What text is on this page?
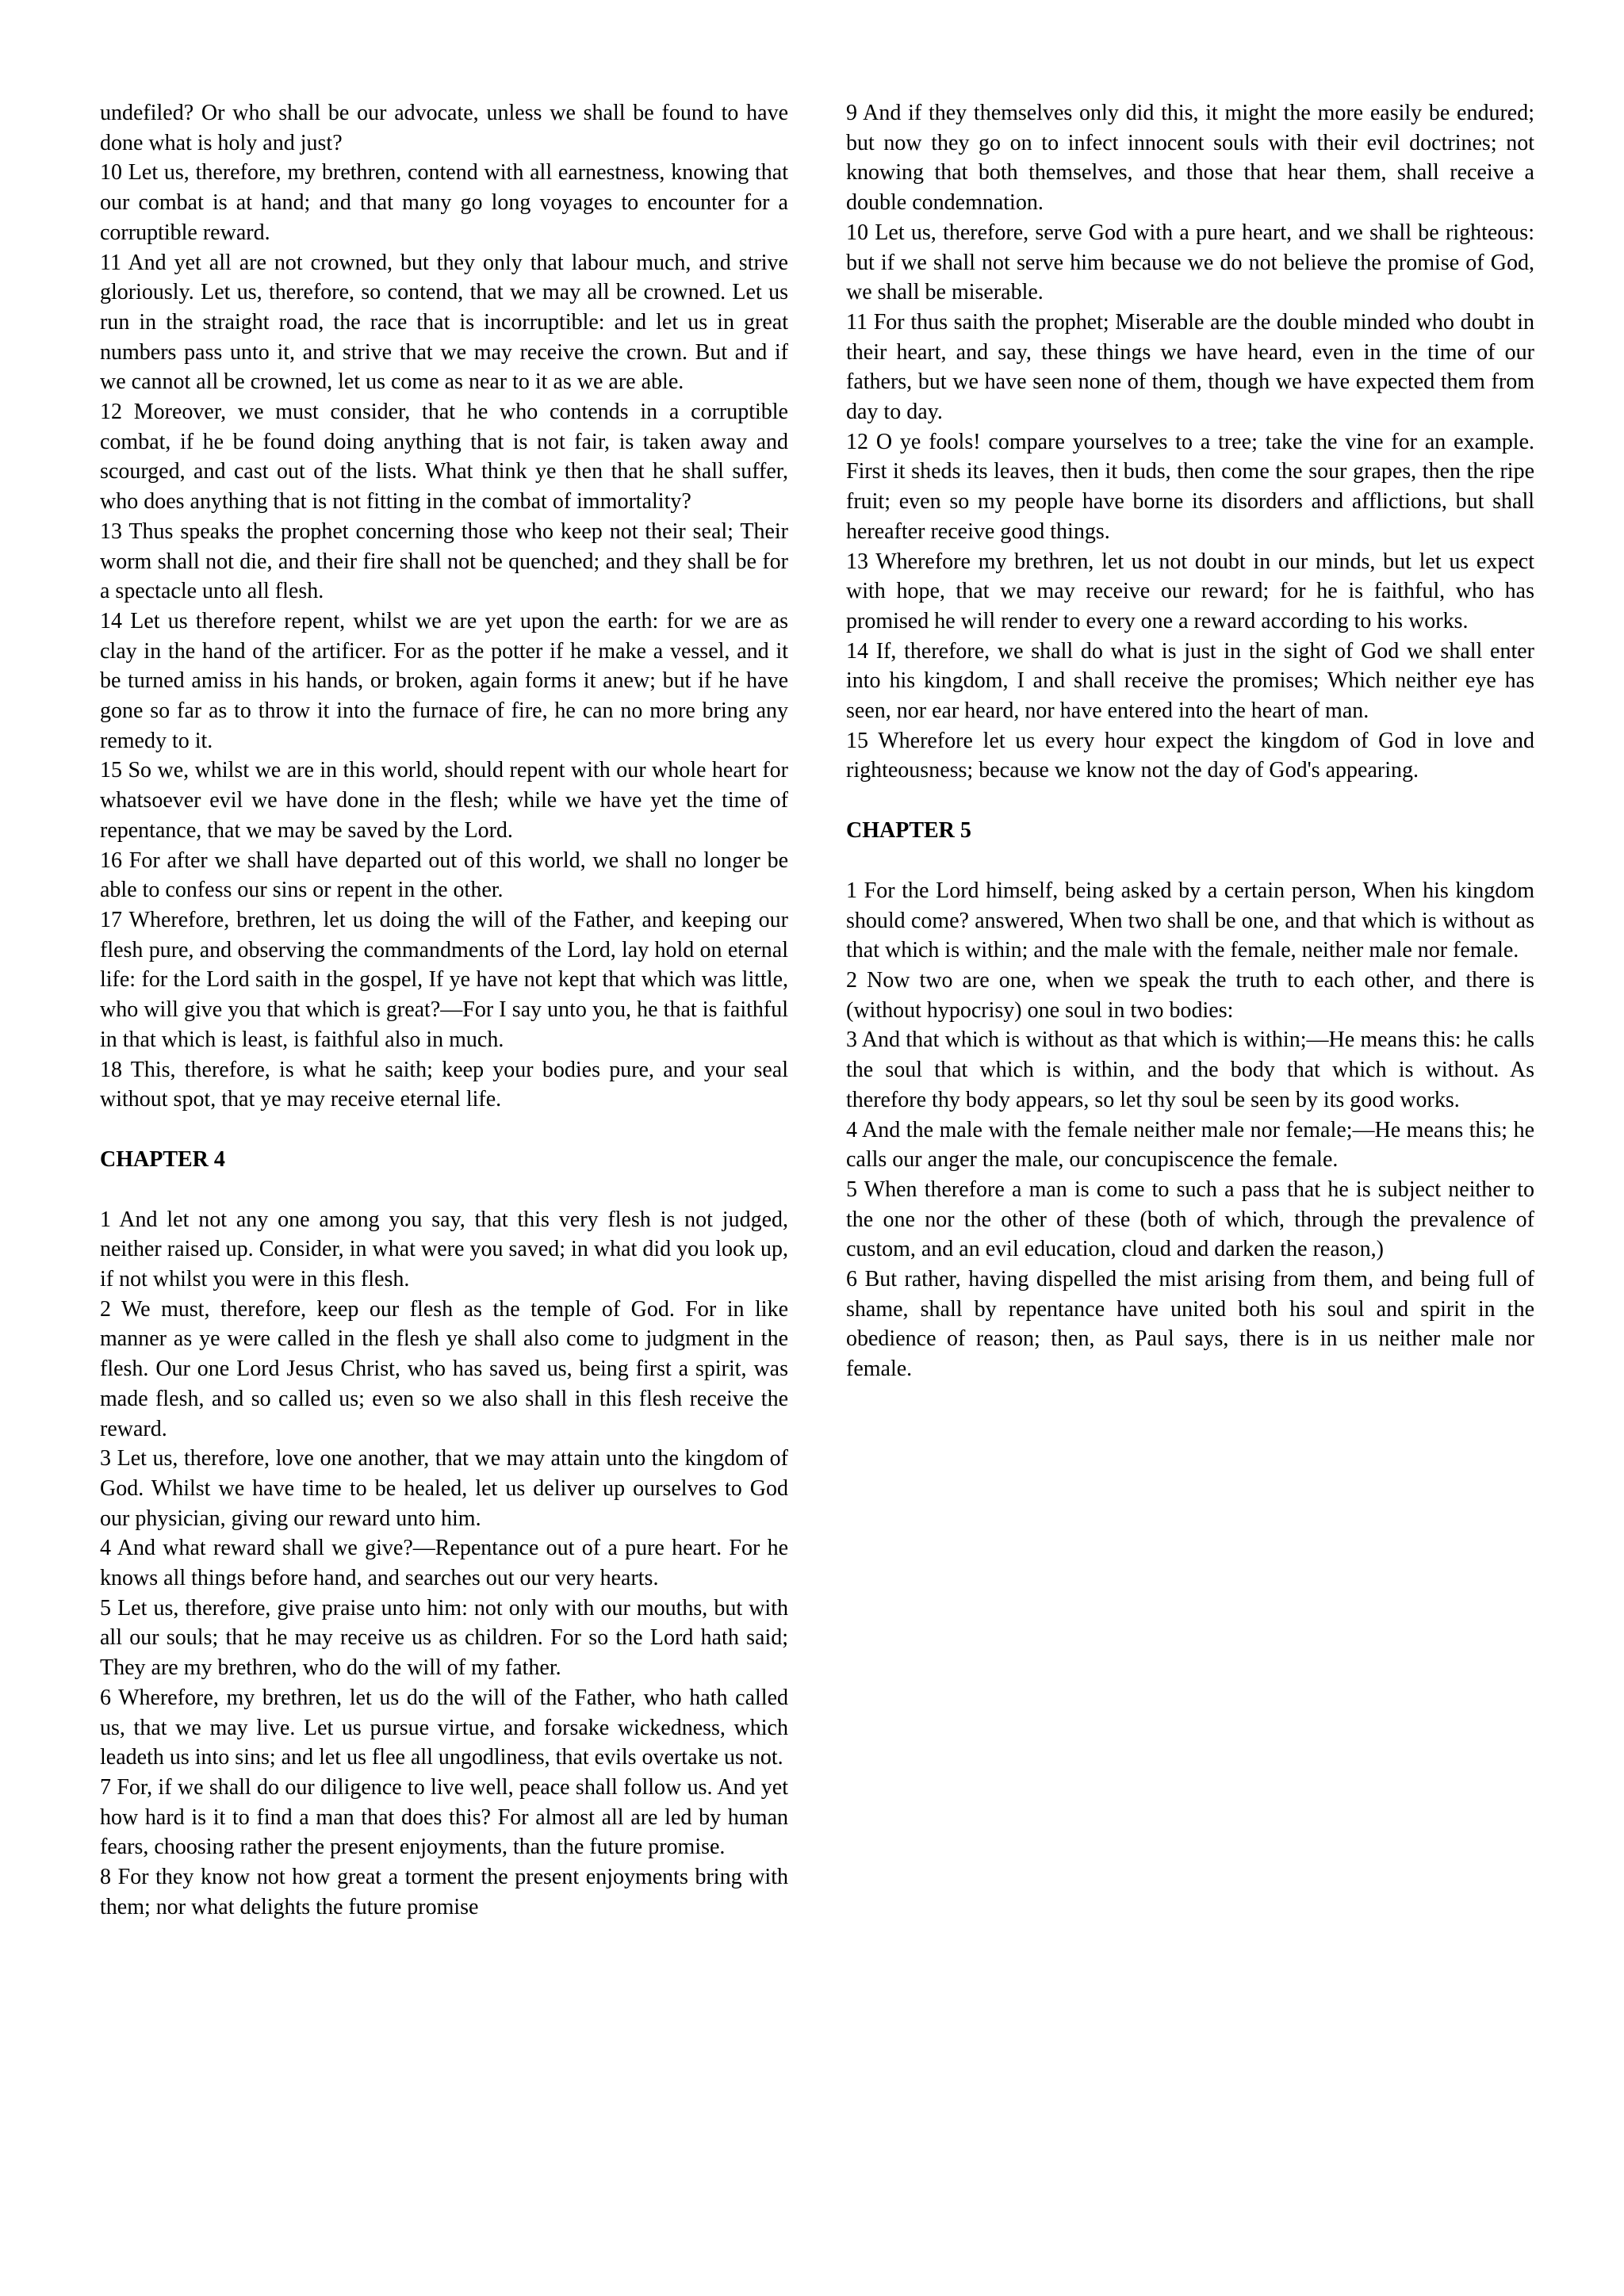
undefiled? Or who shall be our advocate, unless we shall be found to have done what is holy and just?

10 Let us, therefore, my brethren, contend with all earnestness, knowing that our combat is at hand; and that many go long voyages to encounter for a corruptible reward.

11 And yet all are not crowned, but they only that labour much, and strive gloriously. Let us, therefore, so contend, that we may all be crowned. Let us run in the straight road, the race that is incorruptible: and let us in great numbers pass unto it, and strive that we may receive the crown. But and if we cannot all be crowned, let us come as near to it as we are able.

12 Moreover, we must consider, that he who contends in a corruptible combat, if he be found doing anything that is not fair, is taken away and scourged, and cast out of the lists. What think ye then that he shall suffer, who does anything that is not fitting in the combat of immortality?

13 Thus speaks the prophet concerning those who keep not their seal; Their worm shall not die, and their fire shall not be quenched; and they shall be for a spectacle unto all flesh.

14 Let us therefore repent, whilst we are yet upon the earth: for we are as clay in the hand of the artificer. For as the potter if he make a vessel, and it be turned amiss in his hands, or broken, again forms it anew; but if he have gone so far as to throw it into the furnace of fire, he can no more bring any remedy to it.

15 So we, whilst we are in this world, should repent with our whole heart for whatsoever evil we have done in the flesh; while we have yet the time of repentance, that we may be saved by the Lord.

16 For after we shall have departed out of this world, we shall no longer be able to confess our sins or repent in the other.

17 Wherefore, brethren, let us doing the will of the Father, and keeping our flesh pure, and observing the commandments of the Lord, lay hold on eternal life: for the Lord saith in the gospel, If ye have not kept that which was little, who will give you that which is great?—For I say unto you, he that is faithful in that which is least, is faithful also in much.

18 This, therefore, is what he saith; keep your bodies pure, and your seal without spot, that ye may receive eternal life.

CHAPTER 4

1 And let not any one among you say, that this very flesh is not judged, neither raised up. Consider, in what were you saved; in what did you look up, if not whilst you were in this flesh.

2 We must, therefore, keep our flesh as the temple of God. For in like manner as ye were called in the flesh ye shall also come to judgment in the flesh. Our one Lord Jesus Christ, who has saved us, being first a spirit, was made flesh, and so called us; even so we also shall in this flesh receive the reward.

3 Let us, therefore, love one another, that we may attain unto the kingdom of God. Whilst we have time to be healed, let us deliver up ourselves to God our physician, giving our reward unto him.

4 And what reward shall we give?—Repentance out of a pure heart. For he knows all things before hand, and searches out our very hearts.

5 Let us, therefore, give praise unto him: not only with our mouths, but with all our souls; that he may receive us as children. For so the Lord hath said; They are my brethren, who do the will of my father.

6 Wherefore, my brethren, let us do the will of the Father, who hath called us, that we may live. Let us pursue virtue, and forsake wickedness, which leadeth us into sins; and let us flee all ungodliness, that evils overtake us not.

7 For, if we shall do our diligence to live well, peace shall follow us. And yet how hard is it to find a man that does this? For almost all are led by human fears, choosing rather the present enjoyments, than the future promise.

8 For they know not how great a torment the present enjoyments bring with them; nor what delights the future promise

9 And if they themselves only did this, it might the more easily be endured; but now they go on to infect innocent souls with their evil doctrines; not knowing that both themselves, and those that hear them, shall receive a double condemnation.

10 Let us, therefore, serve God with a pure heart, and we shall be righteous: but if we shall not serve him because we do not believe the promise of God, we shall be miserable.

11 For thus saith the prophet; Miserable are the double minded who doubt in their heart, and say, these things we have heard, even in the time of our fathers, but we have seen none of them, though we have expected them from day to day.

12 O ye fools! compare yourselves to a tree; take the vine for an example. First it sheds its leaves, then it buds, then come the sour grapes, then the ripe fruit; even so my people have borne its disorders and afflictions, but shall hereafter receive good things.

13 Wherefore my brethren, let us not doubt in our minds, but let us expect with hope, that we may receive our reward; for he is faithful, who has promised he will render to every one a reward according to his works.

14 If, therefore, we shall do what is just in the sight of God we shall enter into his kingdom, I and shall receive the promises; Which neither eye has seen, nor ear heard, nor have entered into the heart of man.

15 Wherefore let us every hour expect the kingdom of God in love and righteousness; because we know not the day of God's appearing.

CHAPTER 5

1 For the Lord himself, being asked by a certain person, When his kingdom should come? answered, When two shall be one, and that which is without as that which is within; and the male with the female, neither male nor female.

2 Now two are one, when we speak the truth to each other, and there is (without hypocrisy) one soul in two bodies:

3 And that which is without as that which is within;—He means this: he calls the soul that which is within, and the body that which is without. As therefore thy body appears, so let thy soul be seen by its good works.

4 And the male with the female neither male nor female;—He means this; he calls our anger the male, our concupiscence the female.

5 When therefore a man is come to such a pass that he is subject neither to the one nor the other of these (both of which, through the prevalence of custom, and an evil education, cloud and darken the reason,)

6 But rather, having dispelled the mist arising from them, and being full of shame, shall by repentance have united both his soul and spirit in the obedience of reason; then, as Paul says, there is in us neither male nor female.
